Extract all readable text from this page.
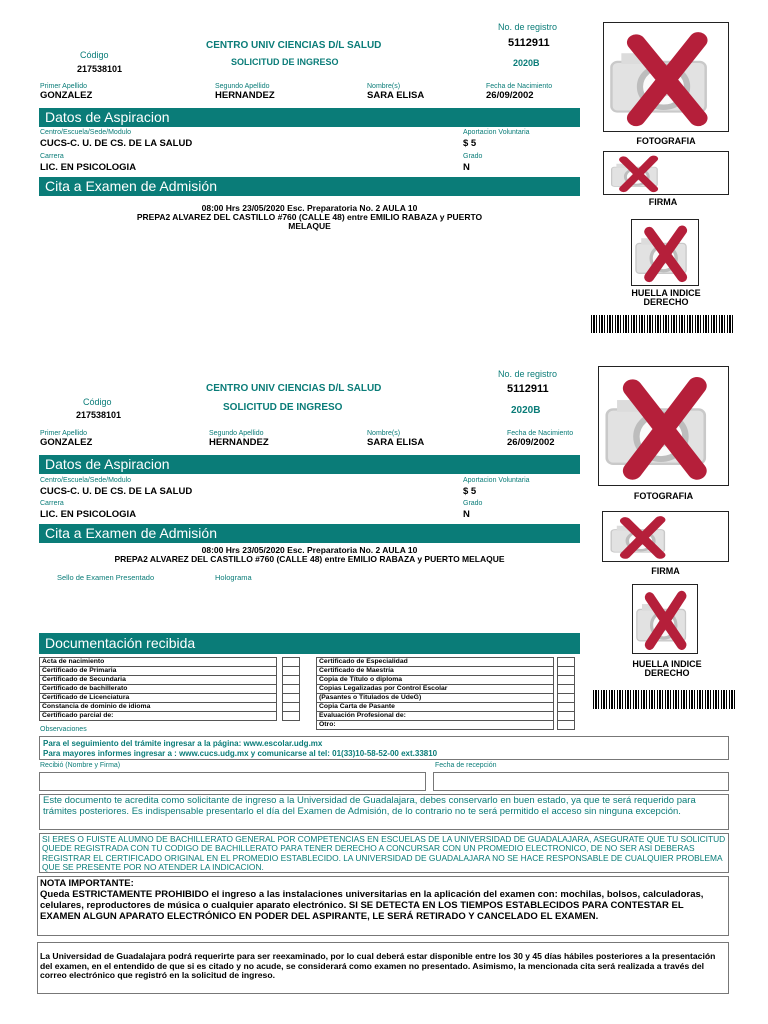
No. de registro
5112911
CENTRO UNIV CIENCIAS D/L SALUD
Código
SOLICITUD DE INGRESO	2020B
217538101
Primer Apellido	Segundo Apellido	Nombre(s)	Fecha de Nacimiento
GONZALEZ	HERNANDEZ	SARA ELISA	26/09/2002
Datos de Aspiracion
Centro/Escuela/Sede/Modulo	Aportacion Voluntaria
CUCS-C. U. DE CS. DE LA SALUD	$ 5
Carrera	Grado
LIC. EN PSICOLOGIA	N
Cita a Examen de Admisión
08:00 Hrs 23/05/2020 Esc. Preparatoria No. 2 AULA 10
PREPA2 ALVAREZ DEL CASTILLO #760 (CALLE 48) entre EMILIO RABAZA y PUERTO
MELAQUE
FOTOGRAFIA
FIRMA
HUELLA INDICE
DERECHO
No. de registro
5112911
CENTRO UNIV CIENCIAS D/L SALUD
Código	SOLICITUD DE INGRESO	2020B
217538101
Primer Apellido	Segundo Apellido	Nombre(s)	Fecha de Nacimiento
GONZALEZ	HERNANDEZ	SARA ELISA	26/09/2002
Datos de Aspiracion
Centro/Escuela/Sede/Modulo	Aportacion Voluntaria
CUCS-C. U. DE CS. DE LA SALUD	$ 5
Carrera	Grado
LIC. EN PSICOLOGIA	N
Cita a Examen de Admisión
08:00 Hrs 23/05/2020 Esc. Preparatoria No. 2 AULA 10
PREPA2 ALVAREZ DEL CASTILLO #760 (CALLE 48) entre EMILIO RABAZA y PUERTO MELAQUE
Sello de Examen Presentado	Holograma
FOTOGRAFIA
FIRMA
HUELLA INDICE
DERECHO
Documentación recibida
Acta de nacimiento
Certificado de Primaria
Certificado de Secundaria
Certificado de bachillerato
Certificado de Licenciatura
Constancia de dominio de idioma
Certificado parcial de:

Certificado de Especialidad
Certificado de Maestría
Copia de Título o diploma
Copias Legalizadas por Control Escolar
(Pasantes o Titulados de UdeG)
Copia Carta de Pasante
Evaluación Profesional de:
Otro:

Observaciones
Para el seguimiento del trámite ingresar a la página: www.escolar.udg.mx
Para mayores informes ingresar a : www.cucs.udg.mx y comunicarse al tel: 01(33)10-58-52-00 ext.33810
Recibió (Nombre y Firma)	Fecha de recepción
Este documento te acredita como solicitante de ingreso a la Universidad de Guadalajara, debes conservarlo en buen estado, ya que te será requerido para trámites posteriores. Es indispensable presentarlo el día del Examen de Admisión, de lo contrario no te será permitido el acceso sin ninguna excepción.
SI ERES O FUISTE ALUMNO DE BACHILLERATO GENERAL POR COMPETENCIAS EN ESCUELAS DE LA UNIVERSIDAD DE GUADALAJARA, ASEGURATE QUE TU SOLICITUD QUEDE REGISTRADA CON TU CODIGO DE BACHILLERATO PARA TENER DERECHO A CONCURSAR CON UN PROMEDIO ELECTRONICO, DE NO SER ASI DEBERAS REGISTRAR EL CERTIFICADO ORIGINAL EN EL PROMEDIO ESTABLECIDO. LA UNIVERSIDAD DE GUADALAJARA NO SE HACE RESPONSABLE DE CUALQUIER PROBLEMA QUE SE PRESENTE POR NO ATENDER LA INDICACION.
NOTA IMPORTANTE:
Queda ESTRICTAMENTE PROHIBIDO el ingreso a las instalaciones universitarias en la aplicación del examen con: mochilas, bolsos, calculadoras, celulares, reproductores de música o cualquier aparato electrónico. SI SE DETECTA EN LOS TIEMPOS ESTABLECIDOS PARA CONTESTAR EL EXAMEN ALGUN APARATO ELECTRÓNICO EN PODER DEL ASPIRANTE, LE SERÁ RETIRADO Y CANCELADO EL EXAMEN.
La Universidad de Guadalajara podrá requerirte para ser reexaminado, por lo cual deberá estar disponible entre los 30 y 45 días hábiles posteriores a la presentación del examen, en el entendido de que si es citado y no acude, se considerará como examen no presentado. Asimismo, la mencionada cita será realizada a través del correo electrónico que registró en la solicitud de ingreso.
